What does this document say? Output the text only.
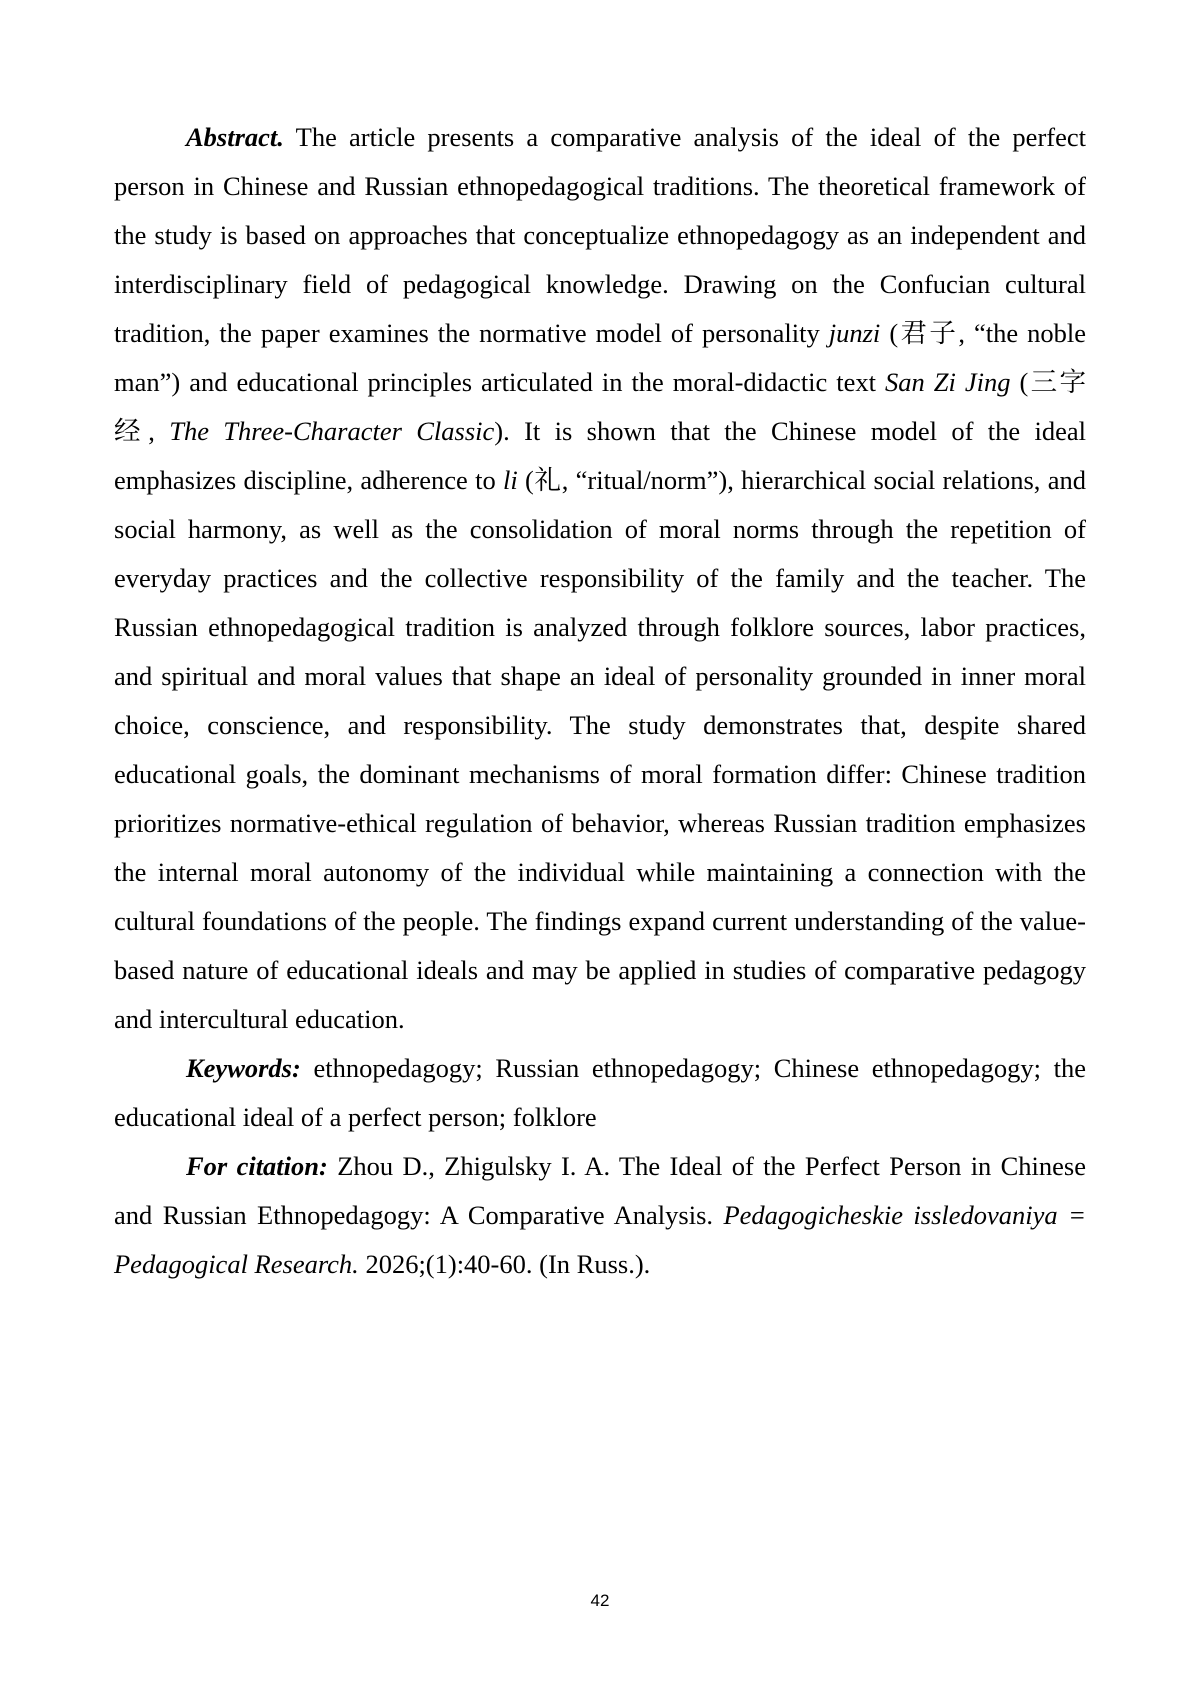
Abstract. The article presents a comparative analysis of the ideal of the perfect person in Chinese and Russian ethnopedagogical traditions. The theoretical framework of the study is based on approaches that conceptualize ethnopedagogy as an independent and interdisciplinary field of pedagogical knowledge. Drawing on the Confucian cultural tradition, the paper examines the normative model of personality junzi (君子, “the noble man”) and educational principles articulated in the moral-didactic text San Zi Jing (三字经, The Three-Character Classic). It is shown that the Chinese model of the ideal emphasizes discipline, adherence to li (礼, “ritual/norm”), hierarchical social relations, and social harmony, as well as the consolidation of moral norms through the repetition of everyday practices and the collective responsibility of the family and the teacher. The Russian ethnopedagogical tradition is analyzed through folklore sources, labor practices, and spiritual and moral values that shape an ideal of personality grounded in inner moral choice, conscience, and responsibility. The study demonstrates that, despite shared educational goals, the dominant mechanisms of moral formation differ: Chinese tradition prioritizes normative-ethical regulation of behavior, whereas Russian tradition emphasizes the internal moral autonomy of the individual while maintaining a connection with the cultural foundations of the people. The findings expand current understanding of the value-based nature of educational ideals and may be applied in studies of comparative pedagogy and intercultural education.

Keywords: ethnopedagogy; Russian ethnopedagogy; Chinese ethnopedagogy; the educational ideal of a perfect person; folklore

For citation: Zhou D., Zhigulsky I. A. The Ideal of the Perfect Person in Chinese and Russian Ethnopedagogy: A Comparative Analysis. Pedagogicheskie issledovaniya = Pedagogical Research. 2026;(1):40-60. (In Russ.).

42
